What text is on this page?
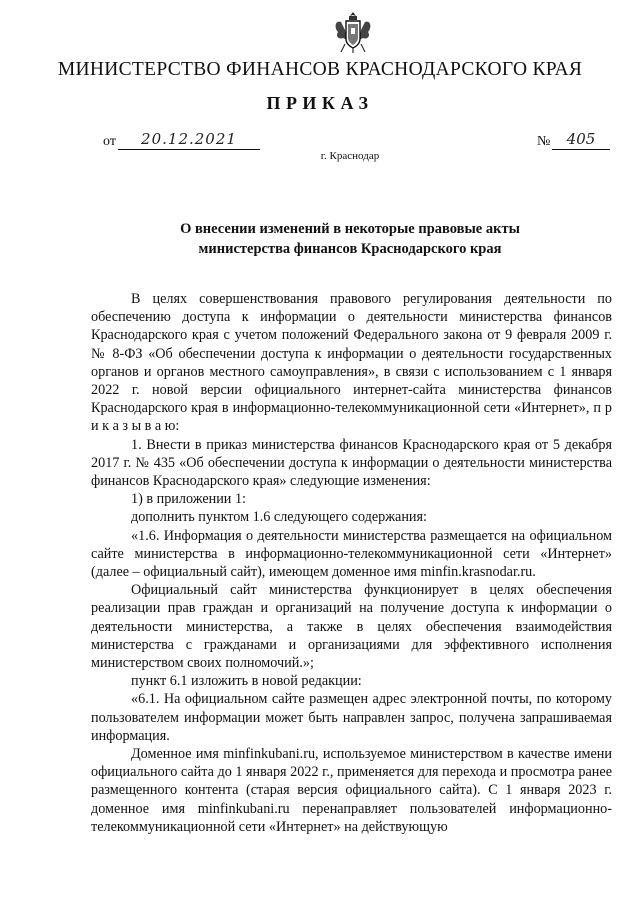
МИНИСТЕРСТВО ФИНАНСОВ КРАСНОДАРСКОГО КРАЯ
ПРИКАЗ
от	20.12.2021	№	405
г. Краснодар
О внесении изменений в некоторые правовые акты
министерства финансов Краснодарского края

В целях совершенствования правового регулирования деятельности по обеспечению доступа к информации о деятельности министерства финансов Краснодарского края с учетом положений Федерального закона от 9 февраля 2009 г. № 8-ФЗ «Об обеспечении доступа к информации о деятельности государственных органов и органов местного самоуправления», в связи с использованием с 1 января 2022 г. новой версии официального интернет-сайта министерства финансов Краснодарского края в информационно-телекоммуникационной сети «Интернет», п р и к а з ы в а ю:

1. Внести в приказ министерства финансов Краснодарского края от 5 декабря 2017 г. № 435 «Об обеспечении доступа к информации о деятельности министерства финансов Краснодарского края» следующие изменения:

1) в приложении 1:

дополнить пунктом 1.6 следующего содержания:

«1.6. Информация о деятельности министерства размещается на официальном сайте министерства в информационно-телекоммуникационной сети «Интернет» (далее – официальный сайт), имеющем доменное имя minfin.krasnodar.ru.

Официальный сайт министерства функционирует в целях обеспечения реализации прав граждан и организаций на получение доступа к информации о деятельности министерства, а также в целях обеспечения взаимодействия министерства с гражданами и организациями для эффективного исполнения министерством своих полномочий.»;

пункт 6.1 изложить в новой редакции:

«6.1. На официальном сайте размещен адрес электронной почты, по которому пользователем информации может быть направлен запрос, получена запрашиваемая информация.

Доменное имя minfinkubani.ru, используемое министерством в качестве имени официального сайта до 1 января 2022 г., применяется для перехода и просмотра ранее размещенного контента (старая версия официального сайта). С 1 января 2023 г. доменное имя minfinkubani.ru перенаправляет пользователей информационно-телекоммуникационной сети «Интернет» на действующую
